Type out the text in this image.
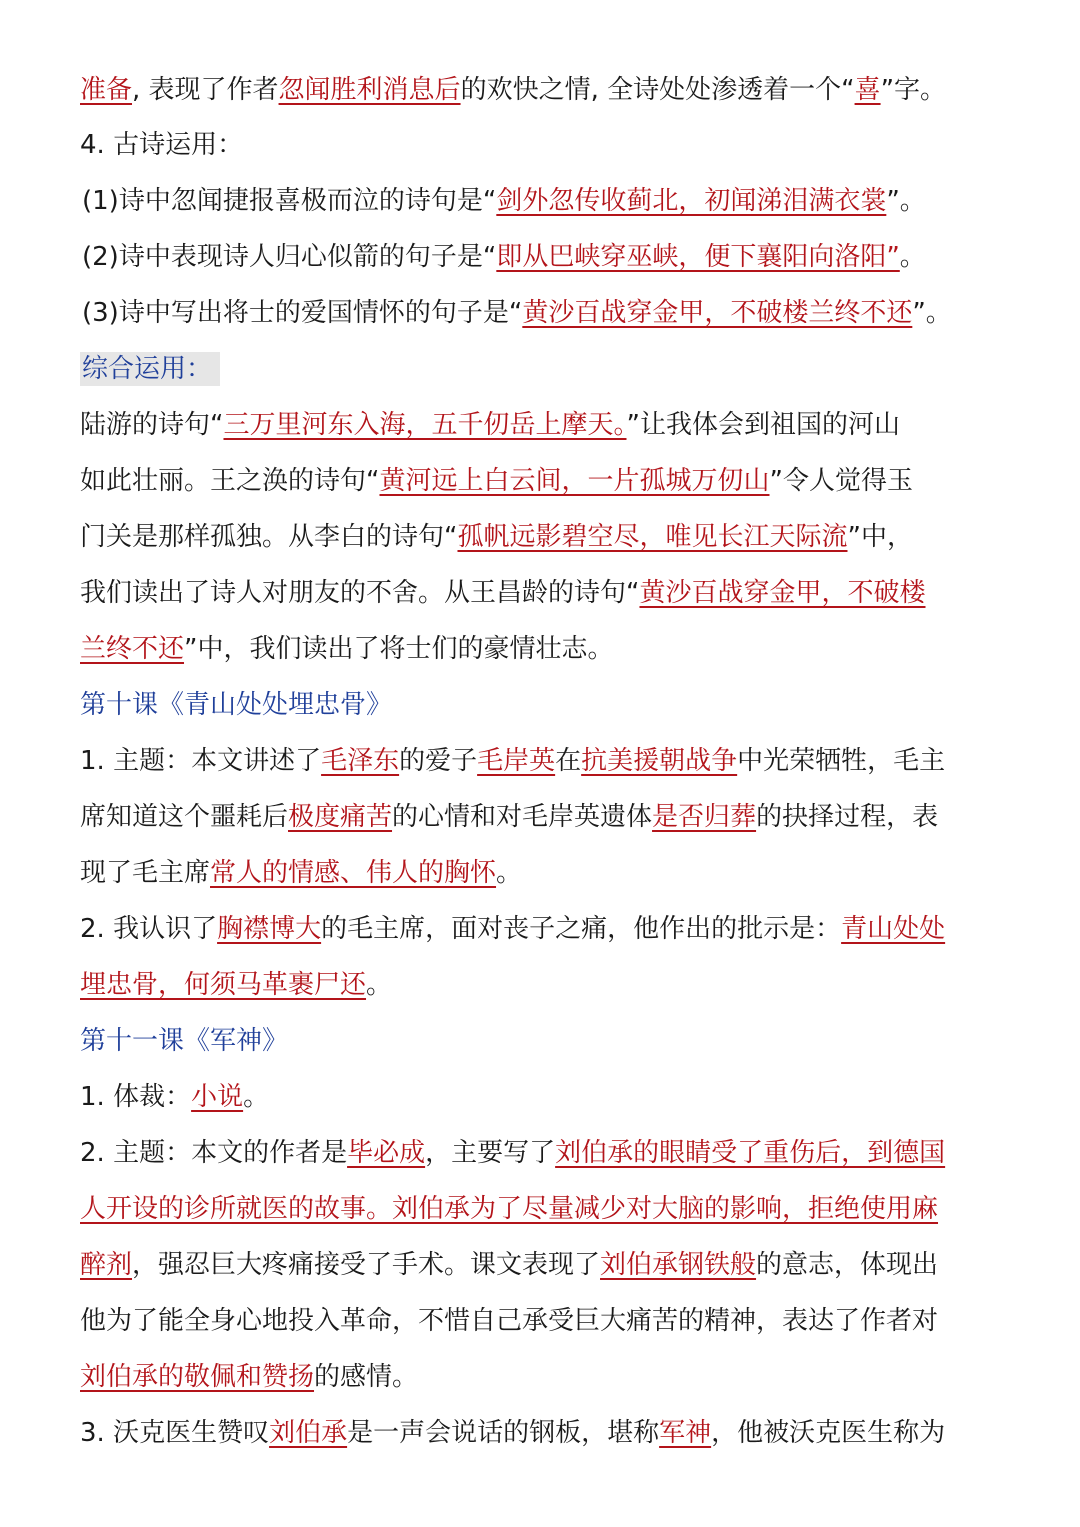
准备, 表现了作者忽闻胜利消息后的欢快之情, 全诗处处渗透着一个“喜”字。
4. 古诗运用：
(1)诗中忽闻捷报喜极而泣的诗句是“剑外忽传收蓟北，初闻涕泪满衣裳”。
(2)诗中表现诗人归心似箭的句子是“即从巴峡穿巫峡，便下襄阳向洛阳”。
(3)诗中写出将士的爱国情怀的句子是“黄沙百战穿金甲，不破楼兰终不还”。
综合运用：
陆游的诗句“三万里河东入海，五千仞岳上摩天。”让我体会到祖国的河山
如此壮丽。王之涣的诗句“黄河远上白云间，一片孤城万仞山”令人觉得玉
门关是那样孤独。从李白的诗句“孤帆远影碧空尽，唯见长江天际流”中，
我们读出了诗人对朋友的不舍。从王昌龄的诗句“黄沙百战穿金甲，不破楼
兰终不还”中，我们读出了将士们的豪情壮志。
第十课《青山处处埋忠骨》
1. 主题：本文讲述了毛泽东的爱子毛岸英在抗美援朝战争中光荣牺牲，毛主
席知道这个噩耗后极度痛苦的心情和对毛岸英遗体是否归葬的抉择过程，表
现了毛主席常人的情感、伟人的胸怀。
2. 我认识了胸襟博大的毛主席，面对丧子之痛，他作出的批示是：青山处处
埋忠骨，何须马革裹尸还。
第十一课《军神》
1. 体裁：小说。
2. 主题：本文的作者是毕必成，主要写了刘伯承的眼睛受了重伤后，到德国
人开设的诊所就医的故事。刘伯承为了尽量减少对大脑的影响，拒绝使用麻
醉剂，强忍巨大疼痛接受了手术。课文表现了刘伯承钢铁般的意志，体现出
他为了能全身心地投入革命，不惜自己承受巨大痛苦的精神，表达了作者对
刘伯承的敬佩和赞扬的感情。
3. 沃克医生赞叹刘伯承是一声会说话的钢板，堪称军神，他被沃克医生称为
